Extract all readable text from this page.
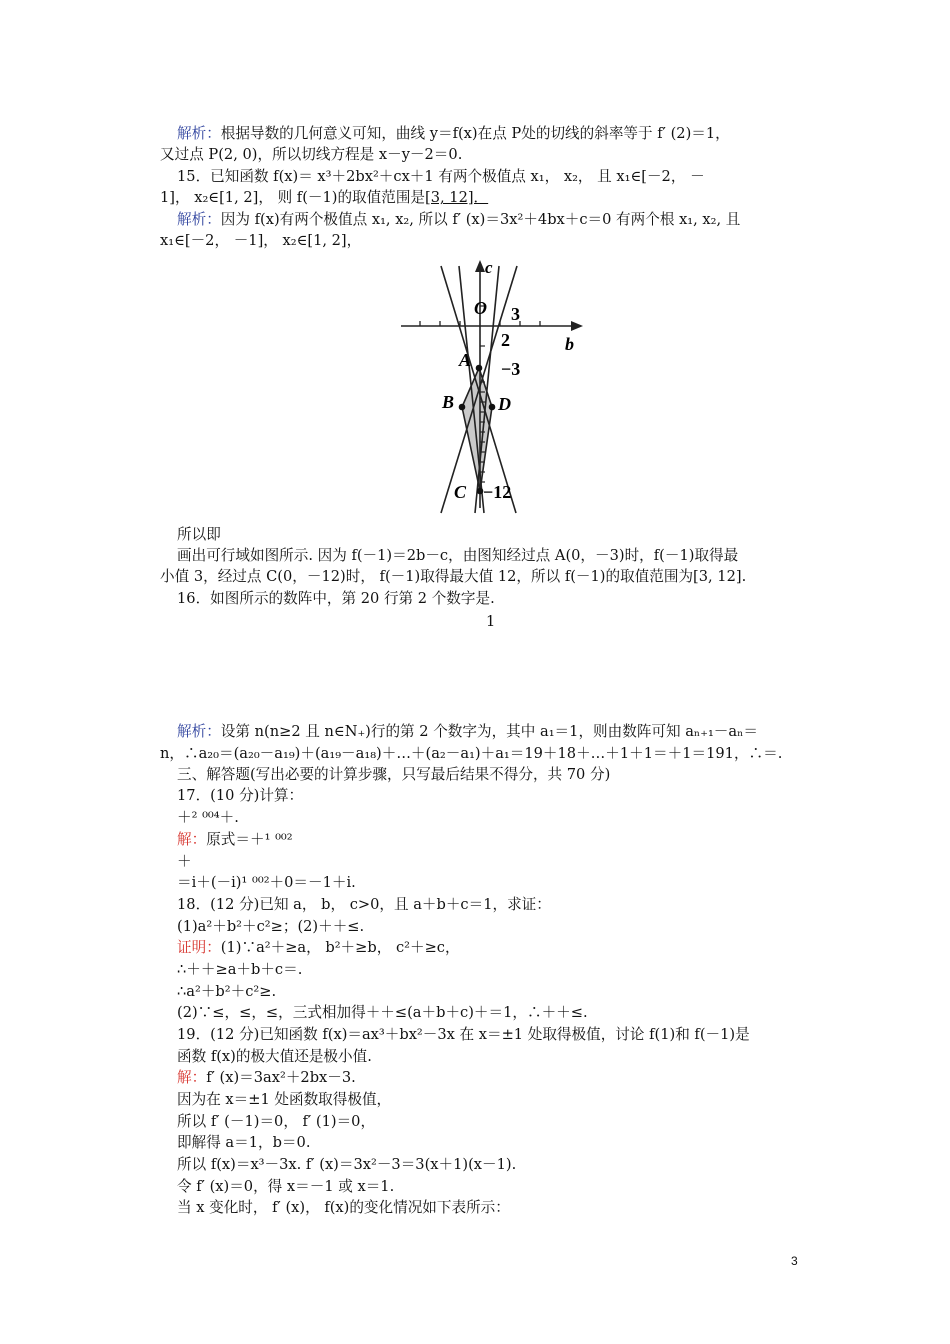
解析：根据导数的几何意义可知，曲线 y＝f(x)在点 P处的切线的斜率等于 f′ (2)＝1，
又过点 P(2, 0)，所以切线方程是 x－y－2＝0.
15．已知函数 f(x)＝ x³＋2bx²＋cx＋1 有两个极值点 x₁， x₂， 且 x₁∈[－2， －
1]， x₂∈[1, 2]， 则 f(－1)的取值范围是[3, 12]．
解析：因为 f(x)有两个极值点 x₁, x₂, 所以 f′ (x)＝3x²＋4bx＋c＝0 有两个根 x₁, x₂, 且
x₁∈[－2， －1]， x₂∈[1, 2]，
c
b
O 3
2
A −3
B D
C −12
所以即
画出可行域如图所示. 因为 f(－1)＝2b－c，由图知经过点 A(0，－3)时，f(－1)取得最
小值 3，经过点 C(0，－12)时， f(－1)取得最大值 12，所以 f(－1)的取值范围为[3, 12].
16．如图所示的数阵中，第 20 行第 2 个数字是.
1
解析：设第 n(n≥2 且 n∈N₊)行的第 2 个数字为，其中 a₁＝1，则由数阵可知 aₙ₊₁－aₙ＝
n，∴a₂₀＝(a₂₀－a₁₉)＋(a₁₉－a₁₈)＋…＋(a₂－a₁)＋a₁＝19＋18＋…＋1＋1＝＋1＝191，∴＝.
三、解答题(写出必要的计算步骤，只写最后结果不得分，共 70 分)
17．(10 分)计算：
＋² ⁰⁰⁴＋.
解：原式＝＋¹ ⁰⁰²
＋
＝i＋(－i)¹ ⁰⁰²＋0＝－1＋i.
18．(12 分)已知 a， b， c>0，且 a＋b＋c＝1，求证：
(1)a²＋b²＋c²≥；(2)＋＋≤.
证明：(1)∵a²＋≥a， b²＋≥b， c²＋≥c，
∴＋＋≥a＋b＋c＝.
∴a²＋b²＋c²≥.
(2)∵≤，≤，≤，三式相加得＋＋≤(a＋b＋c)＋＝1，∴＋＋≤.
19．(12 分)已知函数 f(x)＝ax³＋bx²－3x 在 x＝±1 处取得极值，讨论 f(1)和 f(－1)是
函数 f(x)的极大值还是极小值.
解：f′ (x)＝3ax²＋2bx－3.
因为在 x＝±1 处函数取得极值，
所以 f′ (－1)＝0， f′ (1)＝0，
即解得 a＝1，b＝0.
所以 f(x)＝x³－3x. f′ (x)＝3x²－3＝3(x＋1)(x－1).
令 f′ (x)＝0，得 x＝－1 或 x＝1.
当 x 变化时， f′ (x)， f(x)的变化情况如下表所示：
3
